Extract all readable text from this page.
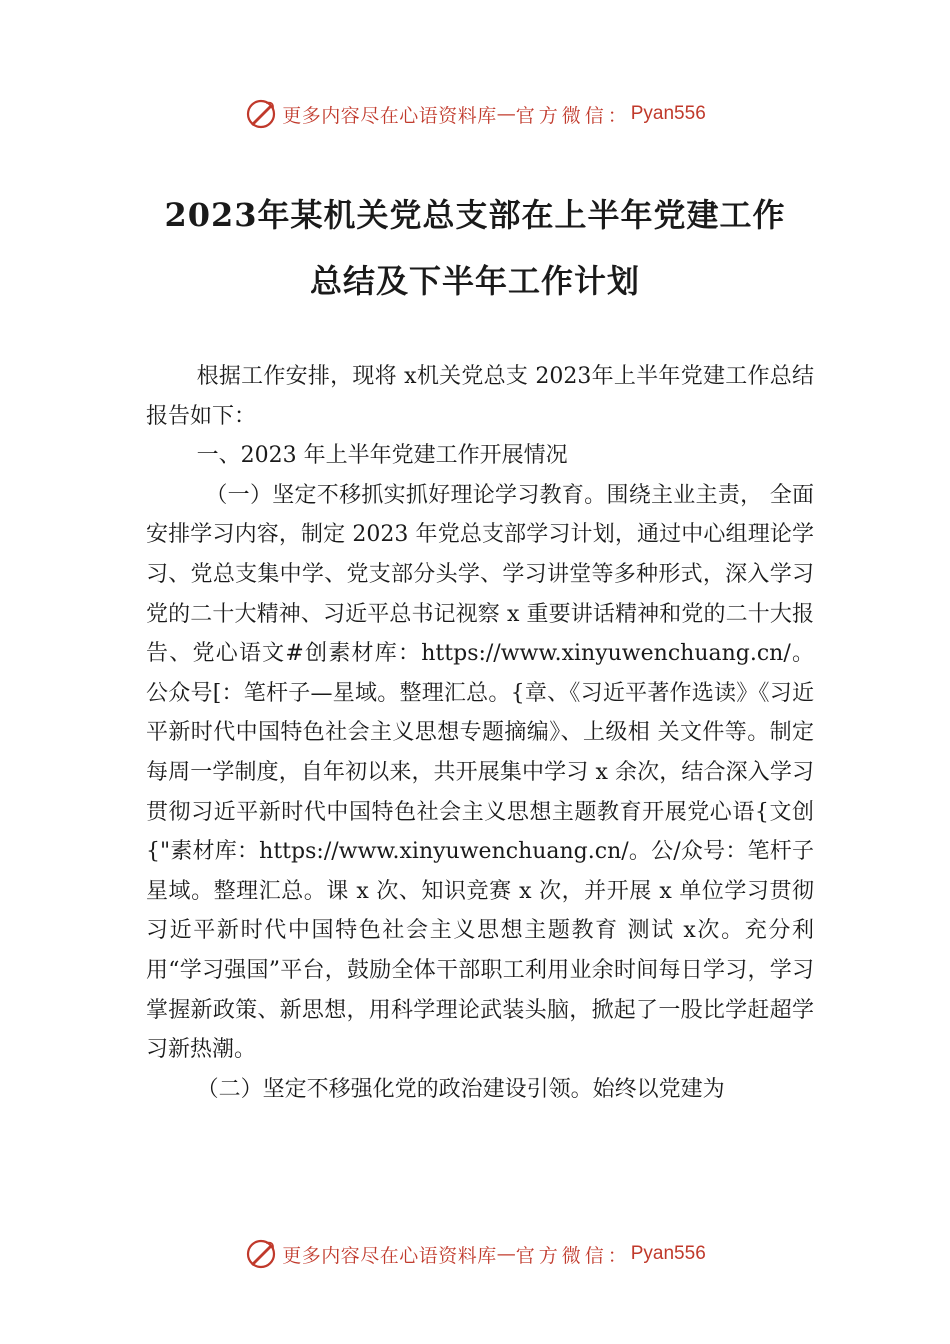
更多内容尽在心语资料库 — 官方微信： Pyan556
2023年某机关党总支部在上半年党建工作
总结及下半年工作计划

根据工作安排，现将 x机关党总支 2023年上半年党建工作总结报告如下：

一、2023 年上半年党建工作开展情况

（一）坚定不移抓实抓好理论学习教育。围绕主业主责， 全面安排学习内容，制定 2023 年党总支部学习计划，通过中心组理论学习、党总支集中学、党支部分头学、学习讲堂等多种形式，深入学习党的二十大精神、习近平总书记视察 x 重要讲话精神和党的二十大报告、党心语文#创素材库：https://www.xinyuwenchuang.cn/。公众号[：笔杆子—星域。整理汇总。{章、《习近平著作选读》《习近平新时代中国特色社会主义思想专题摘编》、上级相 关文件等。制定每周一学制度，自年初以来，共开展集中学习 x 余次，结合深入学习贯彻习近平新时代中国特色社会主义思想主题教育开展党心语{文创{"素材库：https://www.xinyuwenchuang.cn/。公/众号：笔杆子星域。整理汇总。课 x 次、知识竞赛 x 次，并开展 x 单位学习贯彻习近平新时代中国特色社会主义思想主题教育 测试 x次。充分利用“学习强国”平台，鼓励全体干部职工利用业余时间每日学习，学习掌握新政策、新思想，用科学理论武装头脑，掀起了一股比学赶超学习新热潮。

（二）坚定不移强化党的政治建设引领。始终以党建为

更多内容尽在心语资料库 — 官方微信： Pyan556
